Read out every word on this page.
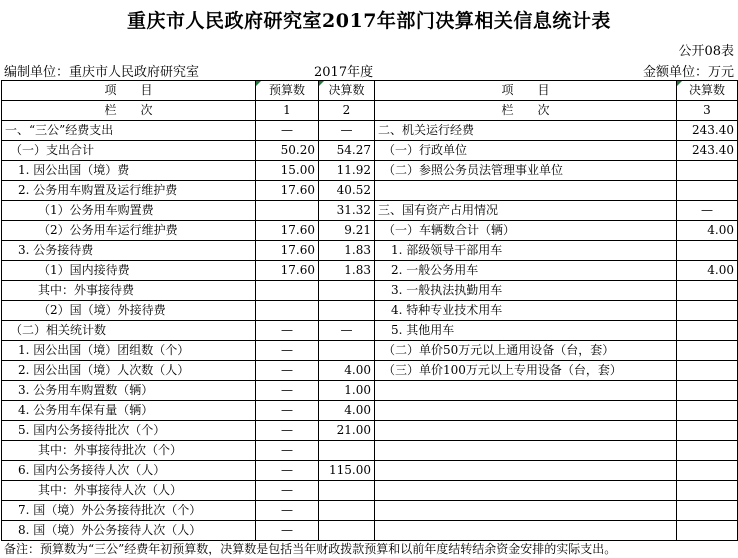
重庆市人民政府研究室2017年部门决算相关信息统计表
公开08表
编制单位：重庆市人民政府研究室	2017年度	金额单位：万元
项　　目	预算数	决算数	项　　目	决算数
栏　　次	1	2	栏　　次	3
一、“三公”经费支出	—	—	二、机关运行经费	243.40
（一）支出合计	50.20	54.27	（一）行政单位	243.40
1. 因公出国（境）费	15.00	11.92	（二）参照公务员法管理事业单位	
2. 公务用车购置及运行维护费	17.60	40.52		
（1）公务用车购置费		31.32	三、国有资产占用情况	—
（2）公务用车运行维护费	17.60	9.21	（一）车辆数合计（辆）	4.00
3. 公务接待费	17.60	1.83	1. 部级领导干部用车	
（1）国内接待费	17.60	1.83	2. 一般公务用车	4.00
其中：外事接待费			3. 一般执法执勤用车	
（2）国（境）外接待费			4. 特种专业技术用车	
（二）相关统计数	—	—	5. 其他用车	
1. 因公出国（境）团组数（个）	—		（二）单价50万元以上通用设备（台，套）	
2. 因公出国（境）人次数（人）	—	4.00	（三）单价100万元以上专用设备（台，套）	
3. 公务用车购置数（辆）	—	1.00		
4. 公务用车保有量（辆）	—	4.00		
5. 国内公务接待批次（个）	—	21.00		
其中：外事接待批次（个）	—			
6. 国内公务接待人次（人）	—	115.00		
其中：外事接待人次（人）	—			
7. 国（境）外公务接待批次（个）	—			
8. 国（境）外公务接待人次（人）	—			
备注：预算数为“三公”经费年初预算数，决算数是包括当年财政拨款预算和以前年度结转结余资金安排的实际支出。
